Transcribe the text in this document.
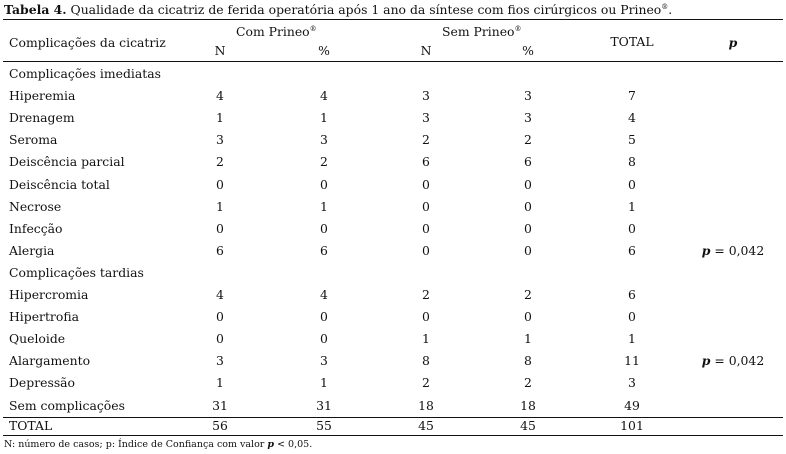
Tabela 4. Qualidade da cicatriz de ferida operatória após 1 ano da síntese com fios cirúrgicos ou Prineo®.
Complicações da cicatriz
Com Prineo®	Sem Prineo®
TOTAL	p
N	%	N	%
Complicações imediatas
Hiperemia	4	4	3	3	7
Drenagem	1	1	3	3	4
Seroma	3	3	2	2	5
Deiscência parcial	2	2	6	6	8
Deiscência total	0	0	0	0	0
Necrose	1	1	0	0	1
Infecção	0	0	0	0	0
Alergia	6	6	0	0	6	p = 0,042
Complicações tardias
Hipercromia	4	4	2	2	6
Hipertrofia	0	0	0	0	0
Queloide	0	0	1	1	1
Alargamento	3	3	8	8	11	p = 0,042
Depressão	1	1	2	2	3
Sem complicações	31	31	18	18	49
TOTAL	56	55	45	45	101
N: número de casos; p: Índice de Confiança com valor p < 0,05.
